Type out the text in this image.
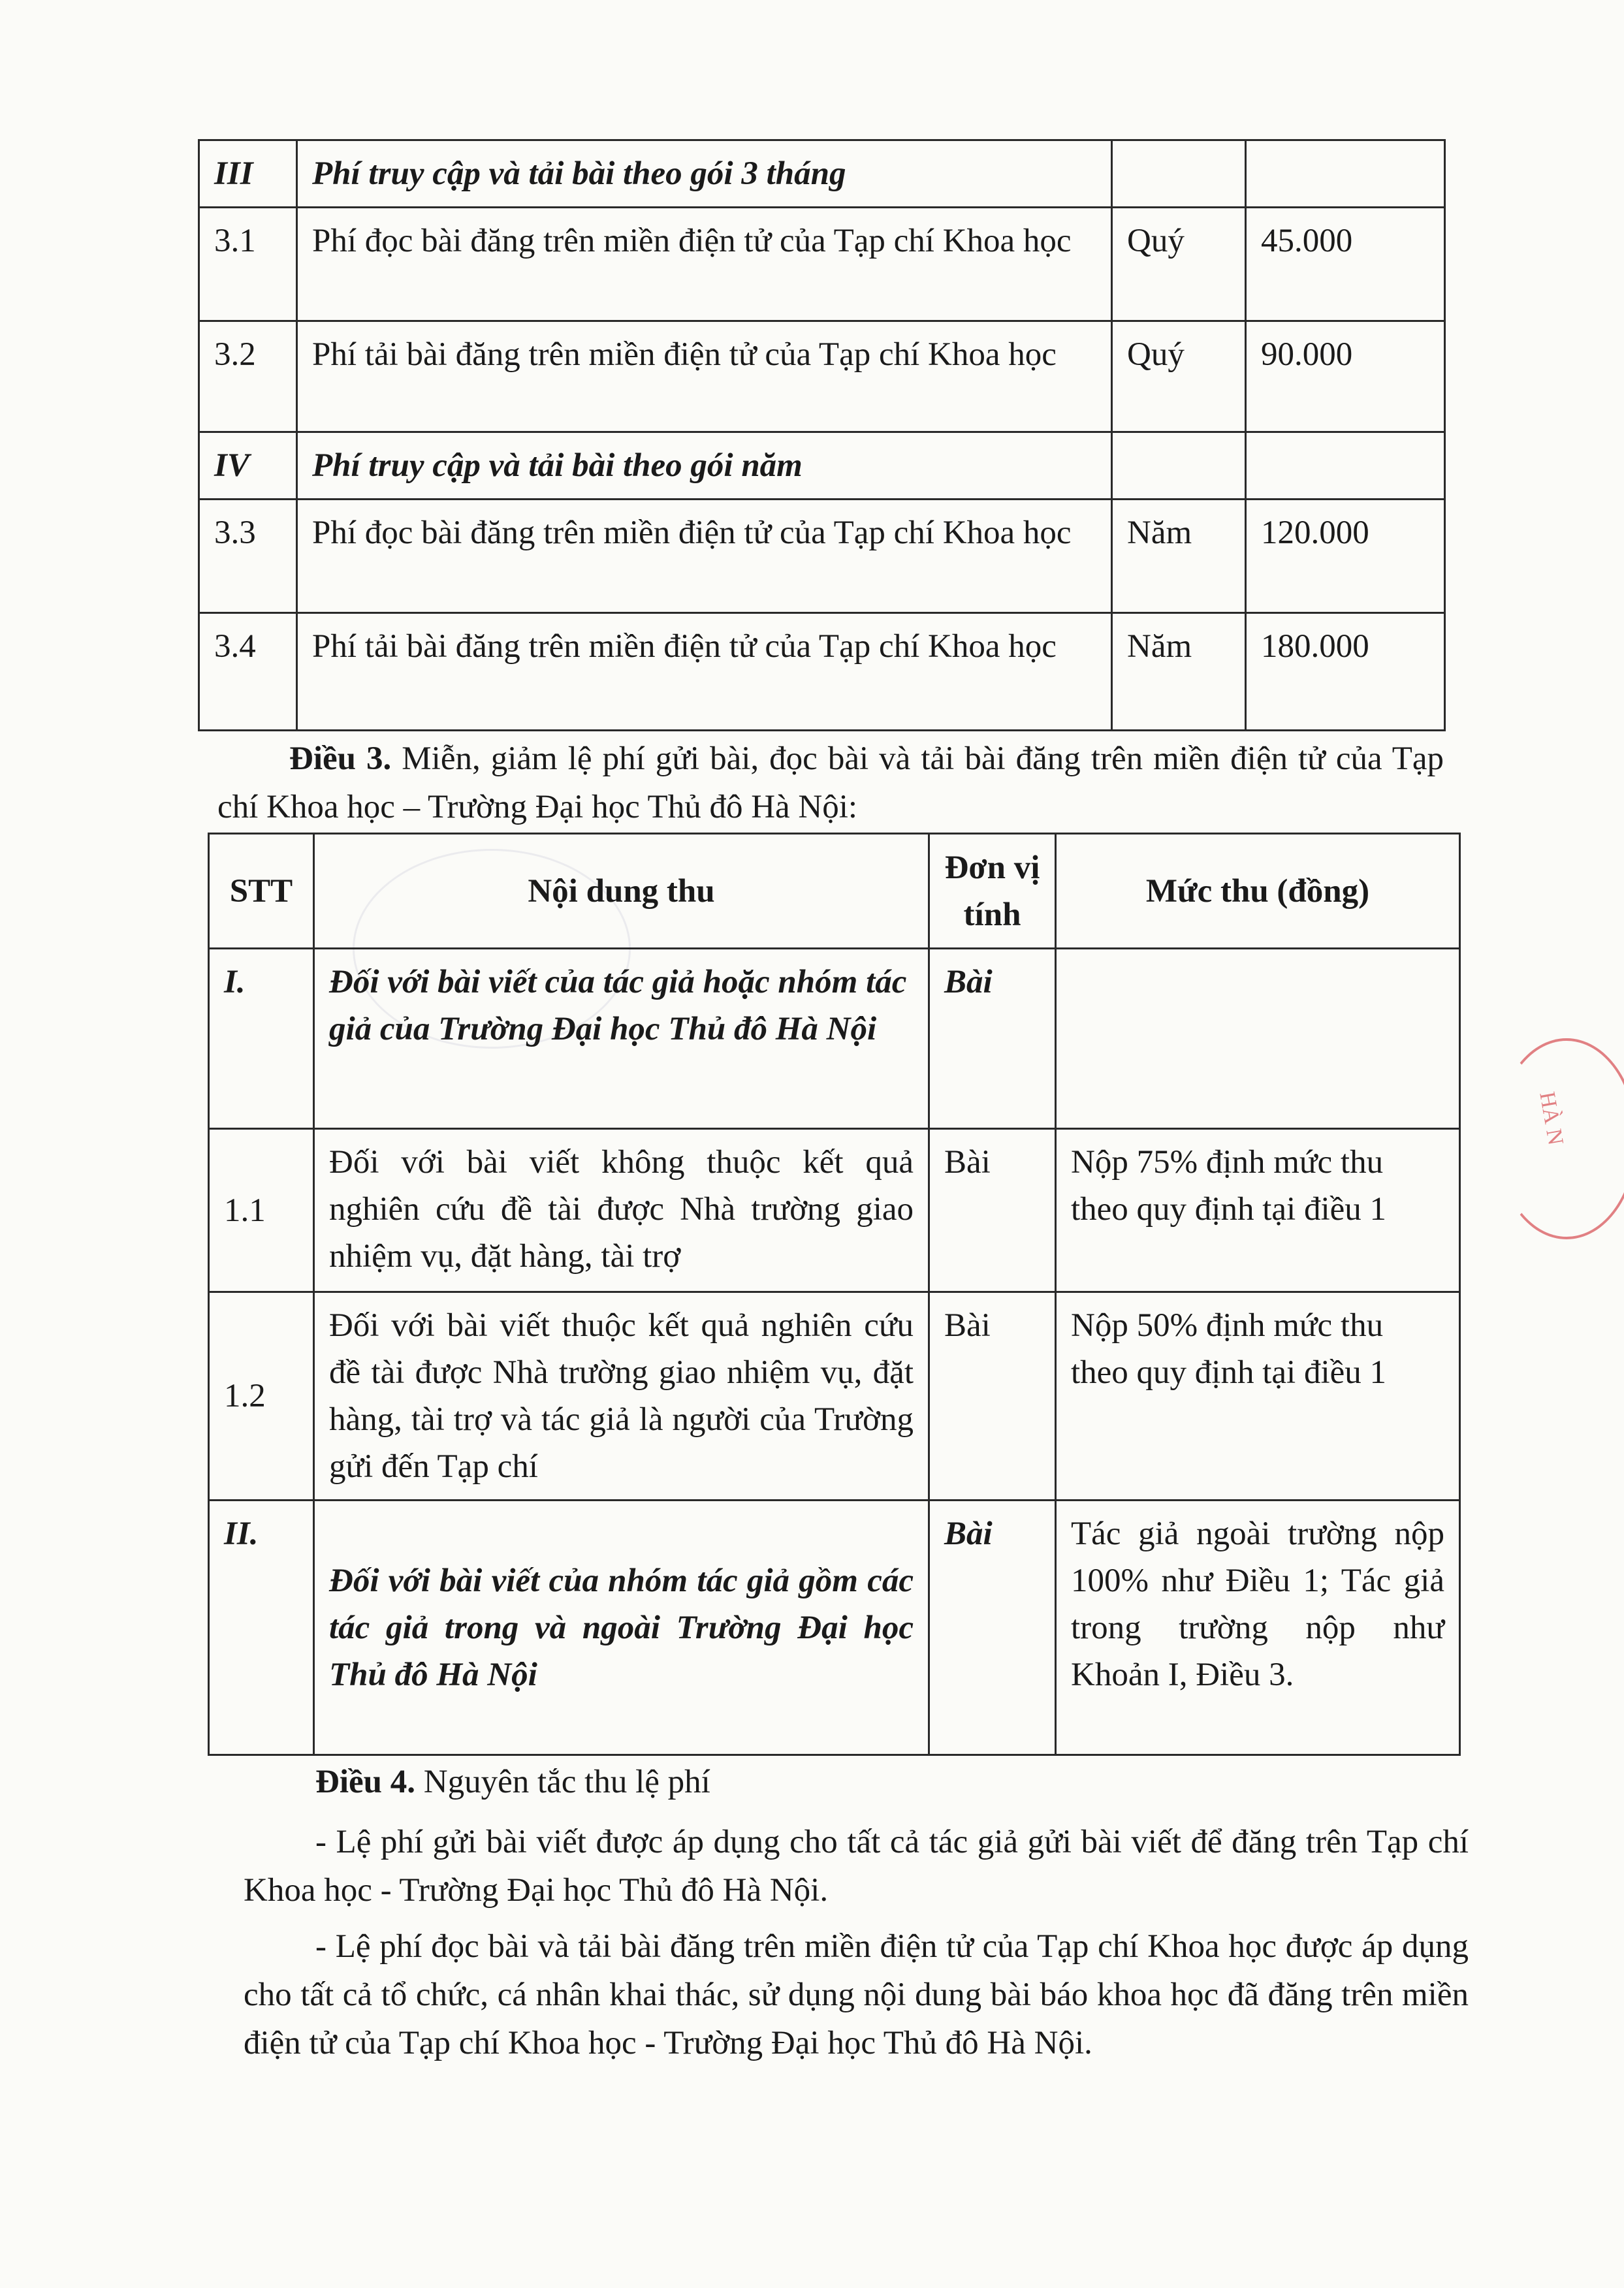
III	Phí truy cập và tải bài theo gói 3 tháng		
3.1	Phí đọc bài đăng trên miền điện tử của Tạp chí Khoa học	Quý	45.000
3.2	Phí tải bài đăng trên miền điện tử của Tạp chí Khoa học	Quý	90.000
IV	Phí truy cập và tải bài theo gói năm		
3.3	Phí đọc bài đăng trên miền điện tử của Tạp chí Khoa học	Năm	120.000
3.4	Phí tải bài đăng trên miền điện tử của Tạp chí Khoa học	Năm	180.000
Điều 3. Miễn, giảm lệ phí gửi bài, đọc bài và tải bài đăng trên miền điện tử của Tạp chí Khoa học – Trường Đại học Thủ đô Hà Nội:
STT	Nội dung thu	Đơn vị tính	Mức thu (đồng)
I.	Đối với bài viết của tác giả hoặc nhóm tác giả của Trường Đại học Thủ đô Hà Nội	Bài	
1.1	Đối với bài viết không thuộc kết quả nghiên cứu đề tài được Nhà trường giao nhiệm vụ, đặt hàng, tài trợ	Bài	Nộp 75% định mức thu theo quy định tại điều 1
1.2	Đối với bài viết thuộc kết quả nghiên cứu đề tài được Nhà trường giao nhiệm vụ, đặt hàng, tài trợ và tác giả là người của Trường gửi đến Tạp chí	Bài	Nộp 50% định mức thu theo quy định tại điều 1
II.	Đối với bài viết của nhóm tác giả gồm các tác giả trong và ngoài Trường Đại học Thủ đô Hà Nội	Bài	Tác giả ngoài trường nộp 100% như Điều 1; Tác giả trong trường nộp như Khoản I, Điều 3.
Điều 4. Nguyên tắc thu lệ phí
- Lệ phí gửi bài viết được áp dụng cho tất cả tác giả gửi bài viết để đăng trên Tạp chí Khoa học - Trường Đại học Thủ đô Hà Nội.
- Lệ phí đọc bài và tải bài đăng trên miền điện tử của Tạp chí Khoa học được áp dụng cho tất cả tổ chức, cá nhân khai thác, sử dụng nội dung bài báo khoa học đã đăng trên miền điện tử của Tạp chí Khoa học - Trường Đại học Thủ đô Hà Nội.
HÀ N
